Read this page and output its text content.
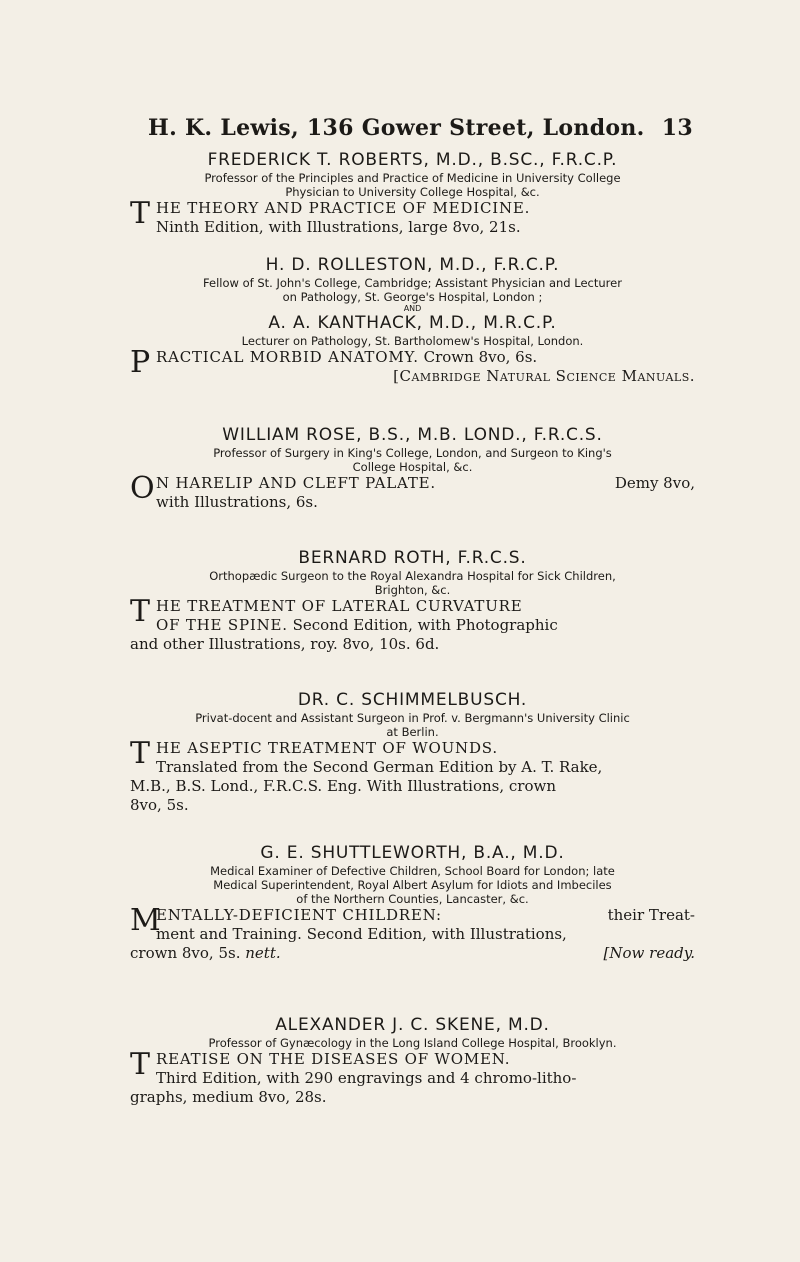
H. K. Lewis, 136 Gower Street, London. 13
FREDERICK T. ROBERTS, M.D., B.SC., F.R.C.P.
Professor of the Principles and Practice of Medicine in University College
Physician to University College Hospital, &c.
T HE THEORY AND PRACTICE OF MEDICINE.
Ninth Edition, with Illustrations, large 8vo, 21s.
H. D. ROLLESTON, M.D., F.R.C.P.
Fellow of St. John's College, Cambridge; Assistant Physician and Lecturer
on Pathology, St. George's Hospital, London ;
AND
A. A. KANTHACK, M.D., M.R.C.P.
Lecturer on Pathology, St. Bartholomew's Hospital, London.
P RACTICAL MORBID ANATOMY. Crown 8vo, 6s.
[Cambridge Natural Science Manuals.
WILLIAM ROSE, B.S., M.B. LOND., F.R.C.S.
Professor of Surgery in King's College, London, and Surgeon to King's
College Hospital, &c.
O N HARELIP AND CLEFT PALATE.	Demy 8vo,
with Illustrations, 6s.
BERNARD ROTH, F.R.C.S.
Orthopædic Surgeon to the Royal Alexandra Hospital for Sick Children,
Brighton, &c.
T HE TREATMENT OF LATERAL CURVATURE
OF THE SPINE. Second Edition, with Photographic
and other Illustrations, roy. 8vo, 10s. 6d.
DR. C. SCHIMMELBUSCH.
Privat-docent and Assistant Surgeon in Prof. v. Bergmann's University Clinic
at Berlin.
T HE ASEPTIC TREATMENT OF WOUNDS.
Translated from the Second German Edition by A. T. Rake,
M.B., B.S. Lond., F.R.C.S. Eng. With Illustrations, crown
8vo, 5s.
G. E. SHUTTLEWORTH, B.A., M.D.
Medical Examiner of Defective Children, School Board for London; late
Medical Superintendent, Royal Albert Asylum for Idiots and Imbeciles
of the Northern Counties, Lancaster, &c.
M
ENTALLY-DEFICIENT CHILDREN:	their Treat-
ment and Training. Second Edition, with Illustrations,
crown 8vo, 5s. nett.	[Now ready.
ALEXANDER J. C. SKENE, M.D.
Professor of Gynæcology in the Long Island College Hospital, Brooklyn.
T REATISE ON THE DISEASES OF WOMEN.
Third Edition, with 290 engravings and 4 chromo-litho-
graphs, medium 8vo, 28s.
